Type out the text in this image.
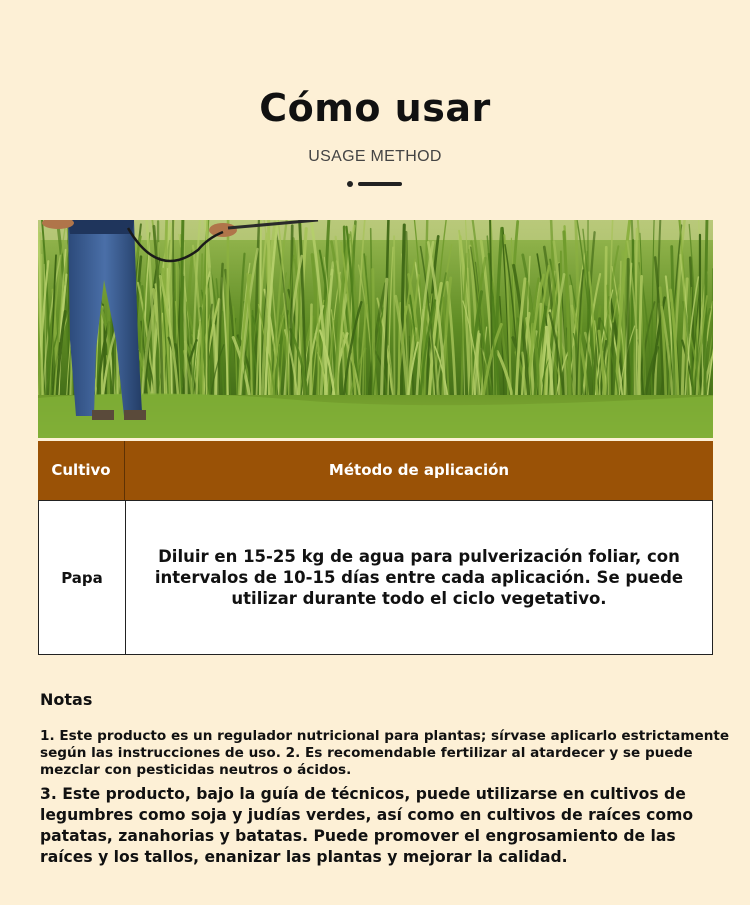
Cómo usar
USAGE METHOD
Cultivo	Método de aplicación
Papa
Diluir en 15-25 kg de agua para pulverización foliar, con intervalos de 10-15 días entre cada aplicación. Se puede utilizar durante todo el ciclo vegetativo.
Notas
1. Este producto es un regulador nutricional para plantas; sírvase aplicarlo estrictamente según las instrucciones de uso. 2. Es recomendable fertilizar al atardecer y se puede mezclar con pesticidas neutros o ácidos.
3. Este producto, bajo la guía de técnicos, puede utilizarse en cultivos de legumbres como soja y judías verdes, así como en cultivos de raíces como patatas, zanahorias y batatas. Puede promover el engrosamiento de las raíces y los tallos, enanizar las plantas y mejorar la calidad.
